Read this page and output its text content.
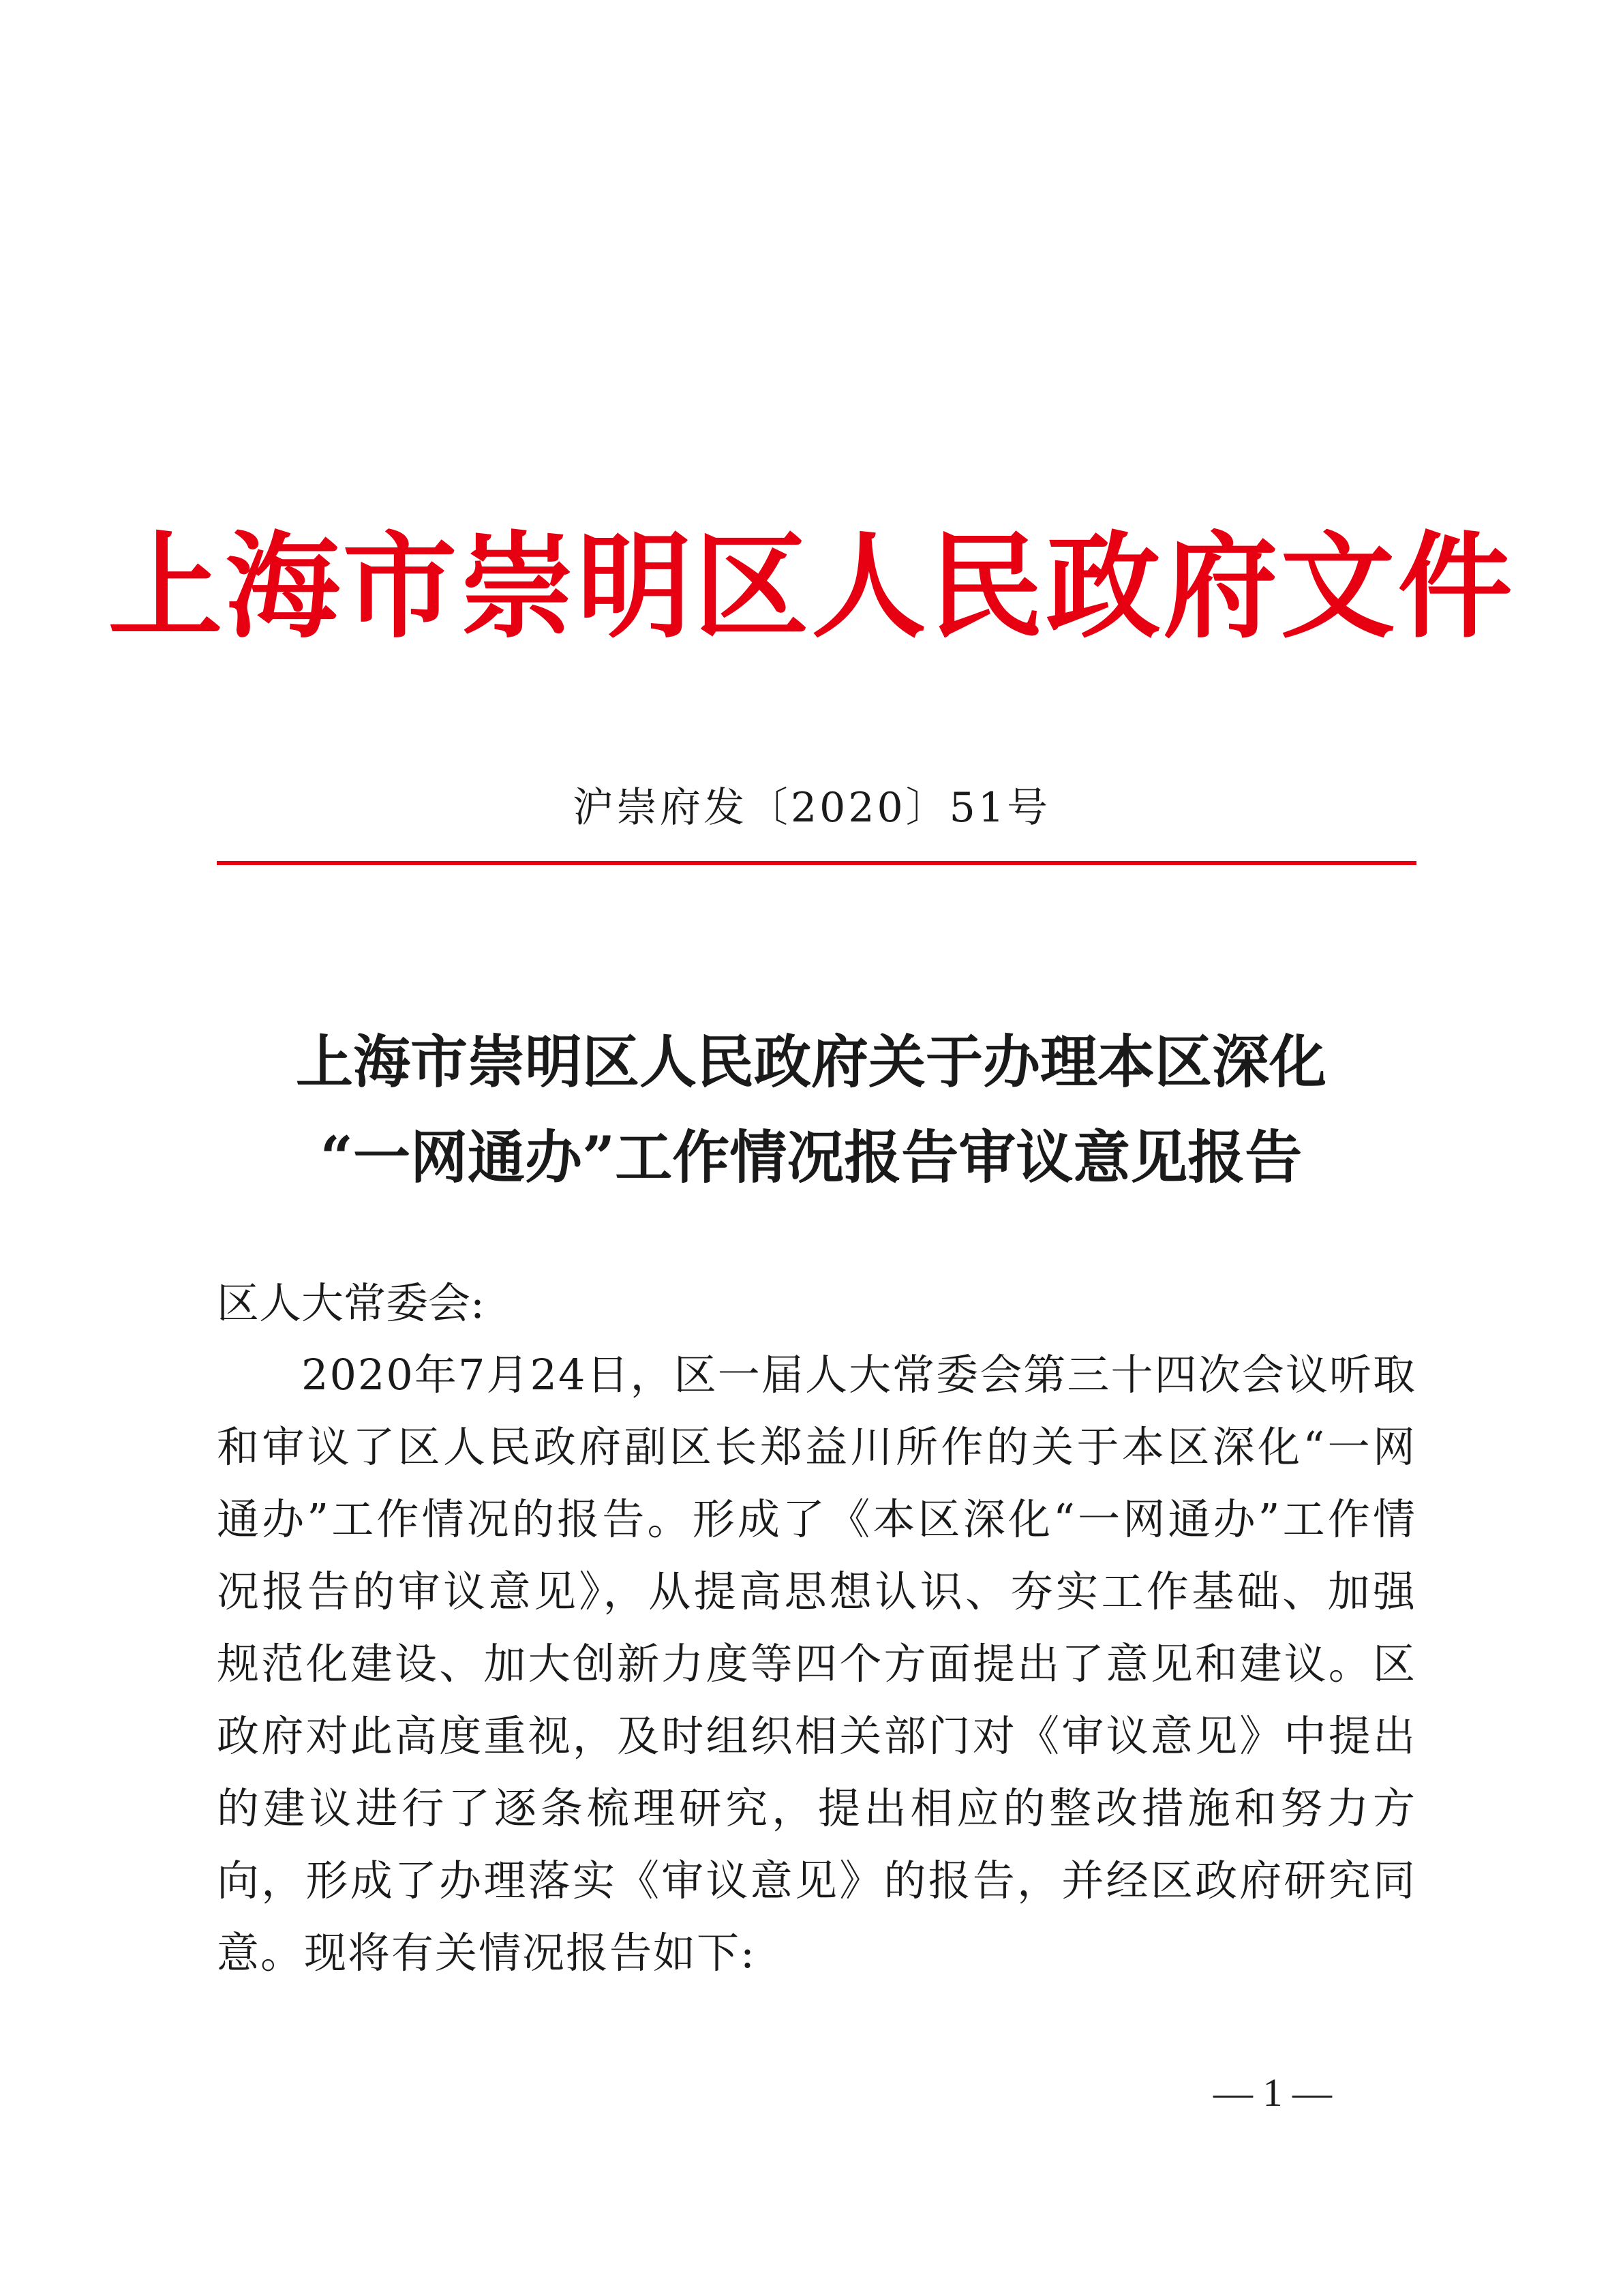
上海市崇明区人民政府文件
沪崇府发〔2020〕51号
上海市崇明区人民政府关于办理本区深化
“一网通办”工作情况报告审议意见报告
区人大常委会:

2020年7月24日，区一届人大常委会第三十四次会议听取和审议了区人民政府副区长郑益川所作的关于本区深化“一网通办”工作情况的报告。形成了《本区深化“一网通办”工作情况报告的审议意见》，从提高思想认识、夯实工作基础、加强规范化建设、加大创新力度等四个方面提出了意见和建议。区政府对此高度重视，及时组织相关部门对《审议意见》中提出的建议进行了逐条梳理研究，提出相应的整改措施和努力方向，形成了办理落实《审议意见》的报告，并经区政府研究同意。现将有关情况报告如下:

— 1 —
